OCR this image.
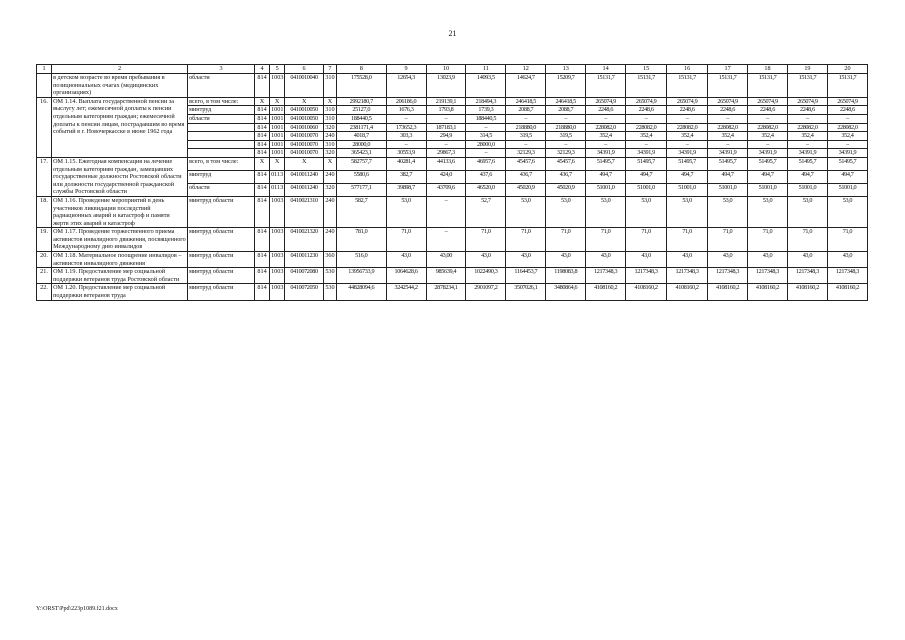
21
1	2	3	4	5	6	7	8	9	10	11	12	13	14	15	16	17	18	19	20
	в детском возрасте во время пребывания в позиционнальных очагах (медицинских организациях)	области	814	1003	0410010040	310	175528,0	12654,3	13023,9	14093,5	14624,7	15209,7	15131,7	15131,7	15131,7	15131,7	15131,7	15131,7	15131,7
16.	ОМ 1.14. Выплата государственной пенсии за выслугу лет; ежемесячной доплаты к пенсии отдельным категориям граждан; ежемесячной доплаты к пенсии лицам, пострадавшим во время событий в г. Новочеркасске в июне 1962 года	всего, в том числе:	X	X	X	X	2992180,7	206186,0	219139,1	218494,3	246418,5	246418,5	265074,9	265074,9	265074,9	265074,9	265074,9	265074,9	265074,9
		минтруд	814	1001	0410010050	310	25127,0	1676,3	1793,8	1739,3	2088,7	2088,7	2248,6	2248,6	2248,6	2248,6	2248,6	2248,6	2248,6
		области	814	1001	0410010050	310	188440,5	–	–	188440,5	–	–	–	–	–	–	–	–	–
			814	1001	0410010060	320	2381171,4	173652,3	187183,1	–	218880,0	218880,0	228082,0	228082,0	228082,0	228082,0	228082,0	228082,0	228082,0
			814	1001	0410010070	240	4018,7	303,3	294,9	314,5	319,5	319,5	352,4	352,4	352,4	352,4	352,4	352,4	352,4
			814	1001	0410010070	310	28000,0	–	–	28000,0	–	–	–	–	–	–	–	–	–
			814	1001	0410010070	320	365423,1	30553,9	29867,3	–	32129,3	32129,3	34391,9	34391,9	34391,9	34391,9	34391,9	34391,9	34391,9
17.	ОМ 1.15. Ежегодная компенсация на лечение отдельным категориям граждан, замещавших государственные должности Ростовской области или должности государственной гражданской службы Ростовской области	всего, в том числе:	X	X	X	X	582757,7	40281,4	44133,6	46957,6	45457,6	45457,6	51495,7	51495,7	51495,7	51495,7	51495,7	51495,7	51495,7
		минтруд	814	0113	0410011240	240	5580,6	382,7	424,0	437,6	436,7	436,7	494,7	494,7	494,7	494,7	494,7	494,7	494,7
		области	814	0113	0410011240	320	577177,1	39898,7	43709,6	46520,0	45020,9	45020,9	51001,0	51001,0	51001,0	51001,0	51001,0	51001,0	51001,0
18.	ОМ 1.16. Проведение мероприятий в день участников ликвидации последствий радиационных аварий и катастроф и памяти жертв этих аварий и катастроф	минтруд области	814	1003	0410021310	240	582,7	53,0	–	52,7	53,0	53,0	53,0	53,0	53,0	53,0	53,0	53,0	53,0
19.	ОМ 1.17. Проведение торжественного приема активистов инвалидного движения, посвященного Международному дню инвалидов	минтруд области	814	1003	0410021320	240	781,0	71,0	–	71,0	71,0	71,0	71,0	71,0	71,0	71,0	71,0	71,0	71,0
20.	ОМ 1.18. Материальное поощрение инвалидов – активистов инвалидного движения	минтруд области	814	1003	0410011230	360	516,0	43,0	43,00	43,0	43,0	43,0	43,0	43,0	43,0	43,0	43,0	43,0	43,0
21.	ОМ 1.19. Предоставление мер социальной поддержки ветеранов труда Ростовской области	минтруд области	814	1003	0410072080	530	13956733,9	1064628,6	985639,4	1022490,3	1164453,7	1198083,8	1217348,3	1217348,3	1217348,3	1217348,3	1217348,3	1217348,3	1217348,3
22.	ОМ 1.20. Предоставление мер социальной поддержки ветеранов труда	минтруд области	814	1003	0410072050	530	44828094,6	3242544,2	2878234,1	2901097,2	3507026,1	3480864,6	4108160,2	4108160,2	4108160,2	4108160,2	4108160,2	4108160,2	4108160,2
Y:\ORST\Ppd\223p1089.f21.docx
